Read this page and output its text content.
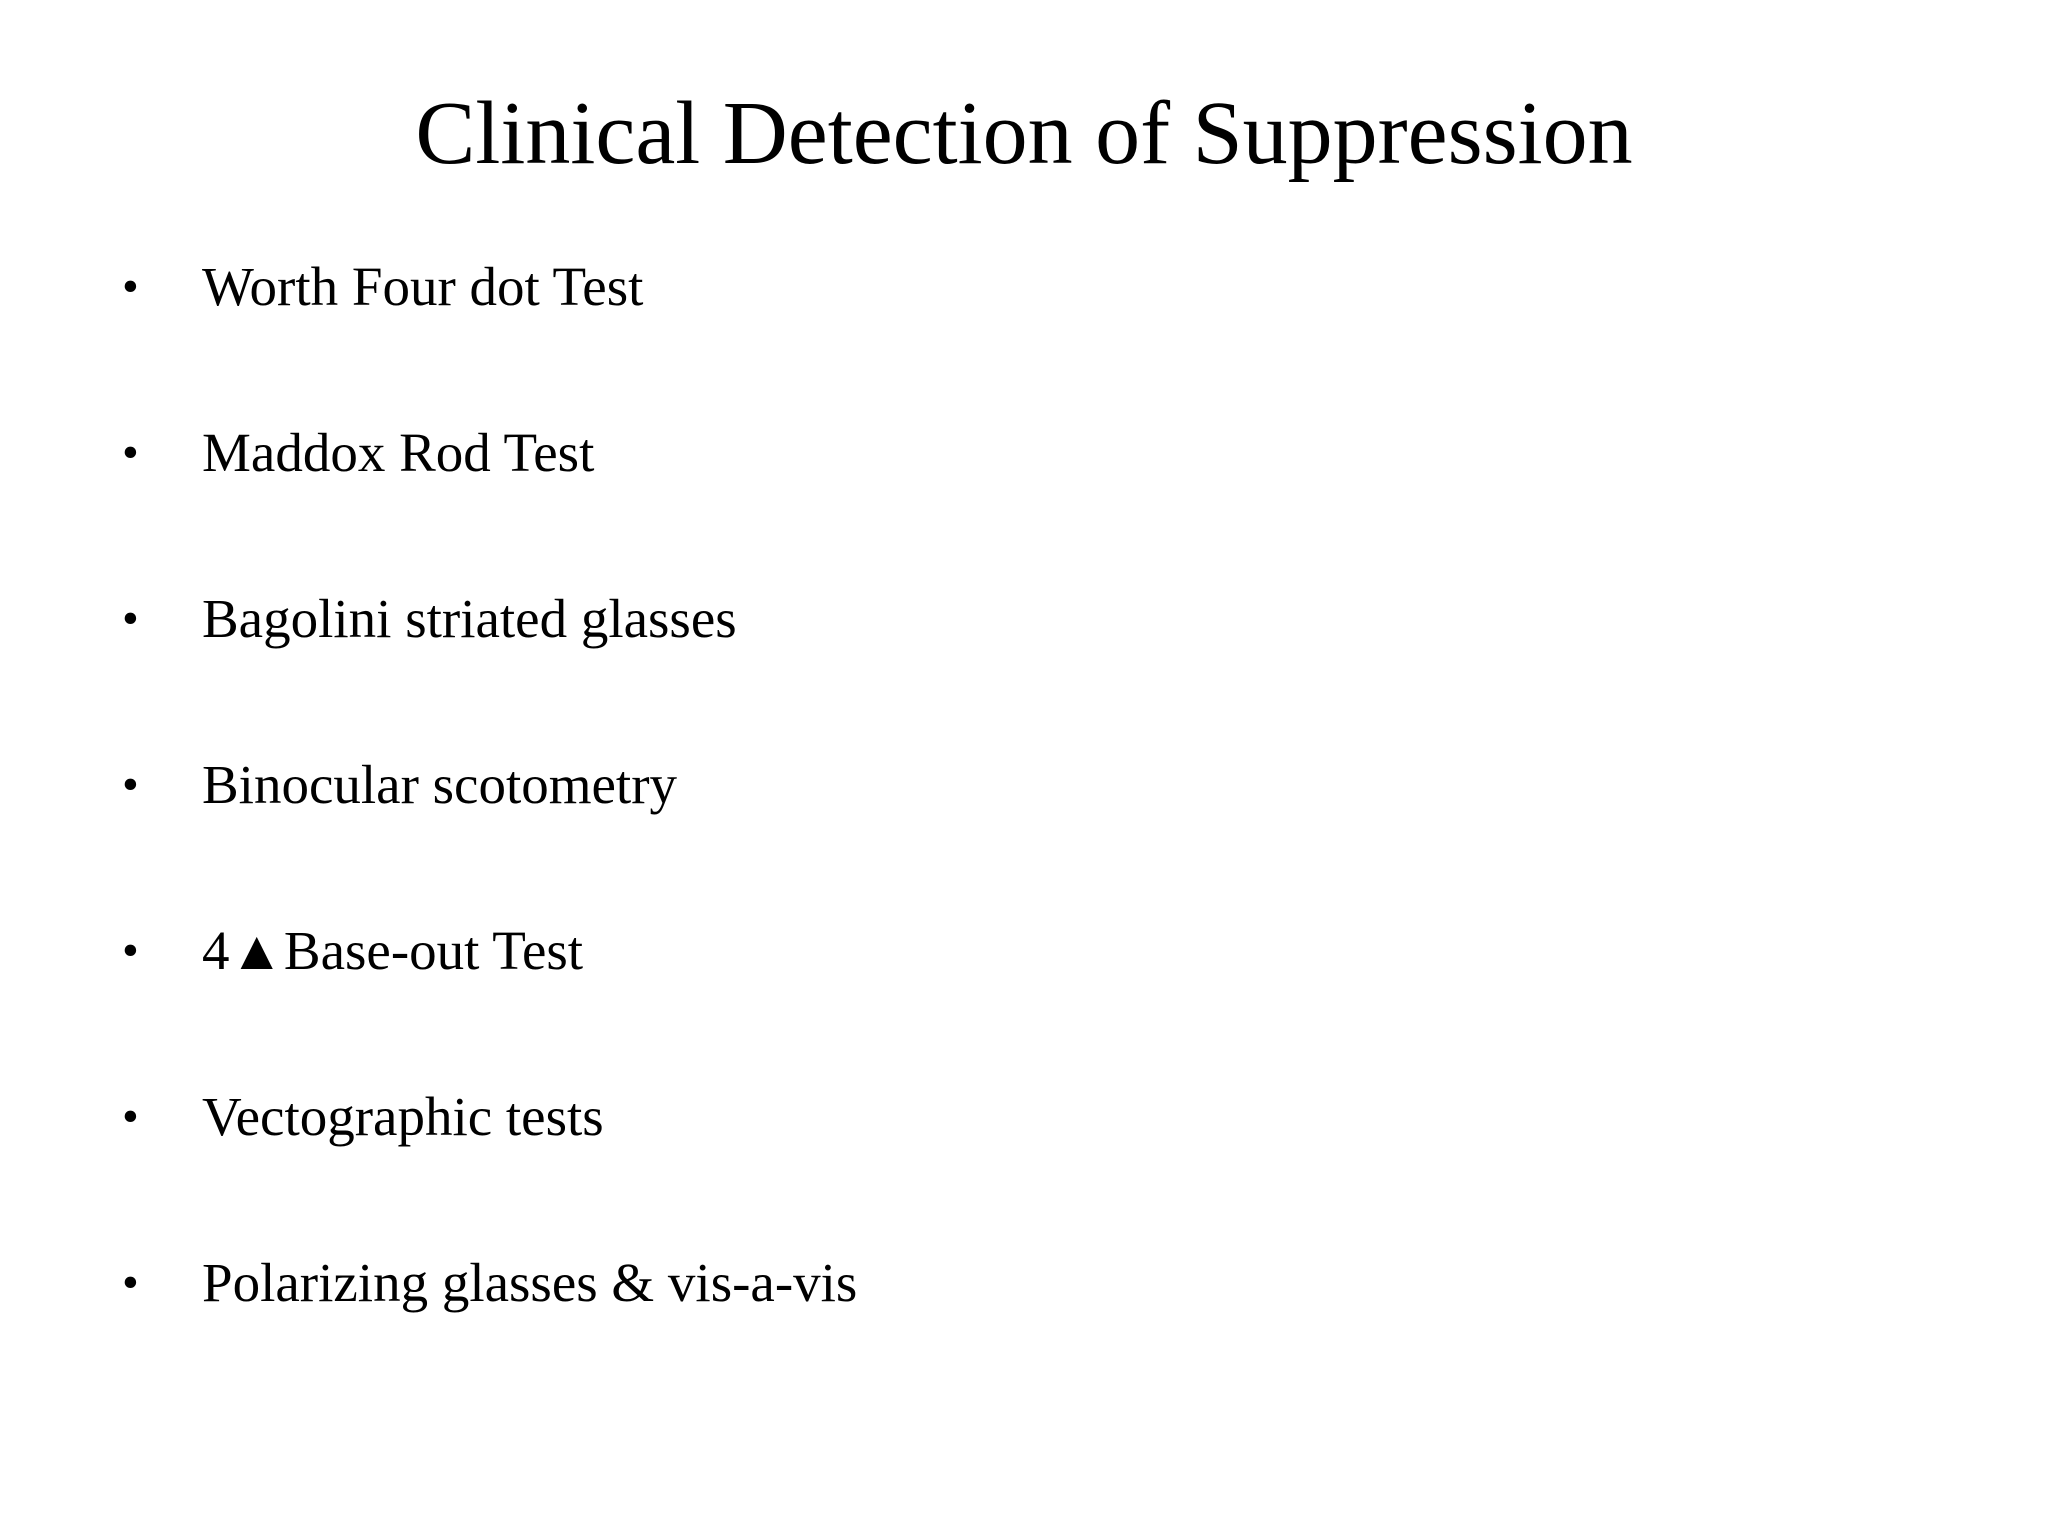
Clinical Detection of Suppression
• Worth Four dot Test
• Maddox Rod Test
• Bagolini striated glasses
• Binocular scotometry
• 4▲Base-out Test
• Vectographic tests
• Polarizing glasses & vis-a-vis
